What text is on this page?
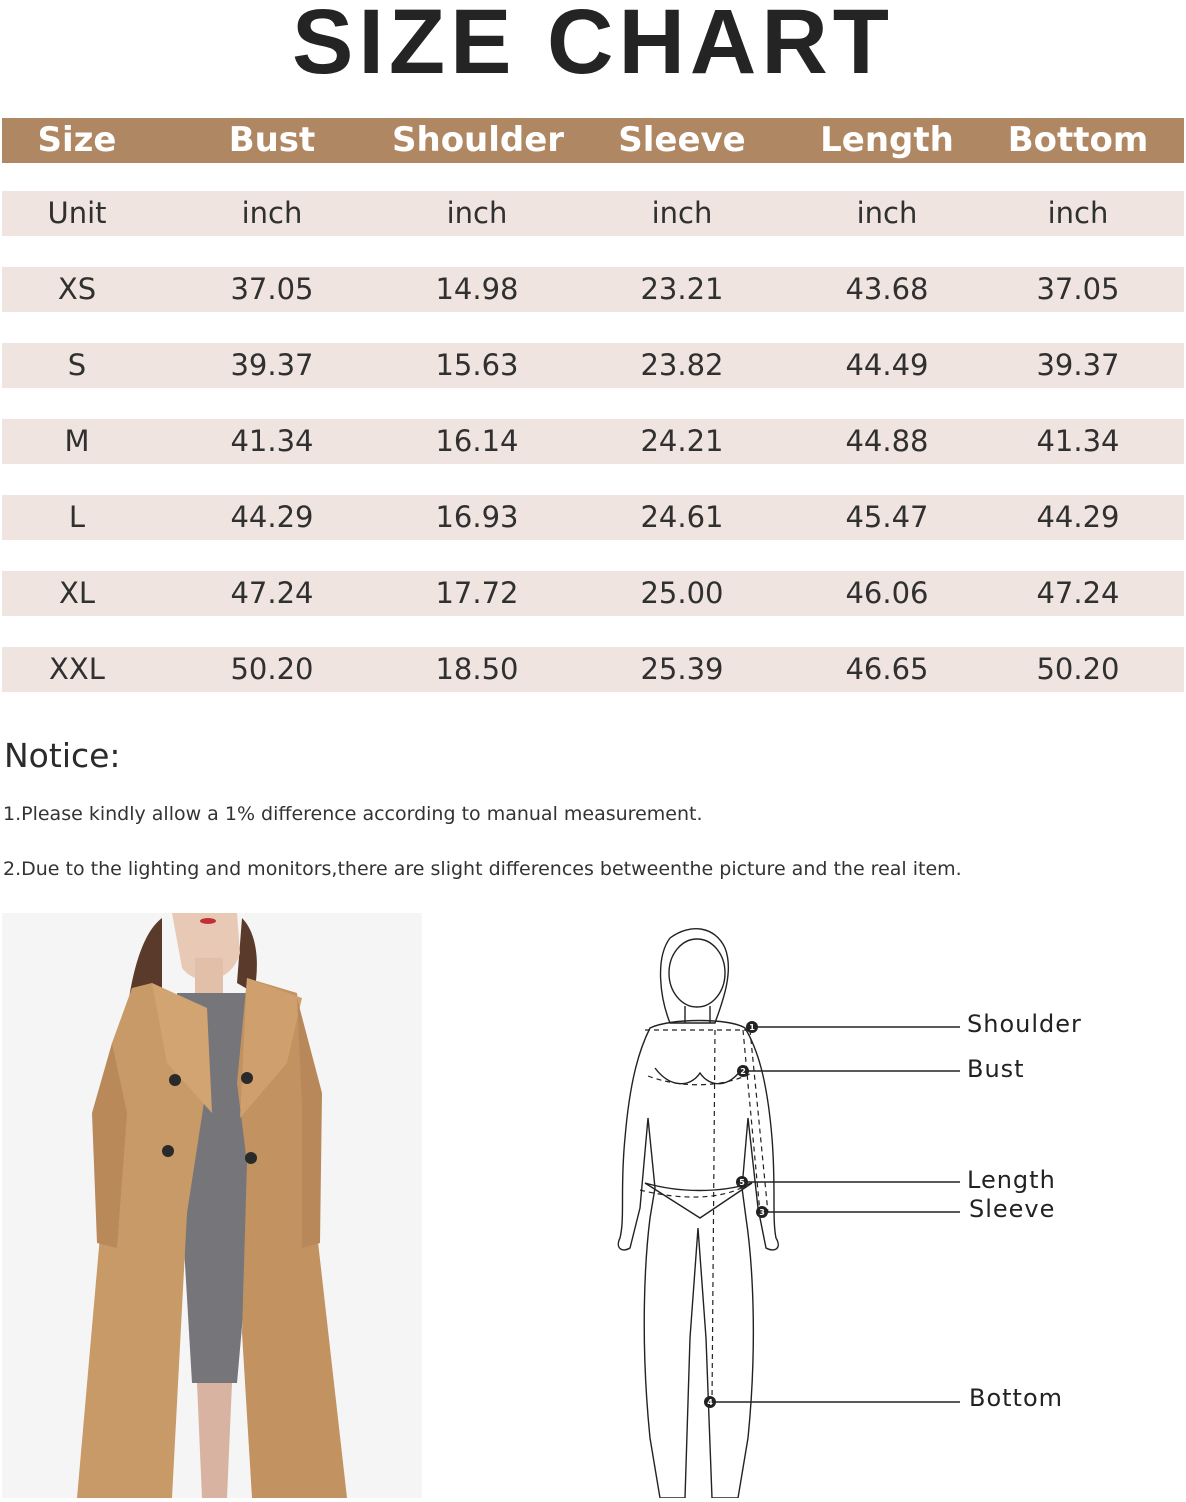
SIZE CHART
Size	Bust	Shoulder	Sleeve	Length	Bottom
Unit	inch	inch	inch	inch	inch
XS	37.05	14.98	23.21	43.68	37.05
S	39.37	15.63	23.82	44.49	39.37
M	41.34	16.14	24.21	44.88	41.34
L	44.29	16.93	24.61	45.47	44.29
XL	47.24	17.72	25.00	46.06	47.24
XXL	50.20	18.50	25.39	46.65	50.20
Notice:
1.Please kindly allow a 1% difference according to manual measurement.
2.Due to the lighting and monitors,there are slight differences betweenthe picture and the real item.
1
2
3
4
5
Shoulder
Bust
Length
Sleeve
Bottom
